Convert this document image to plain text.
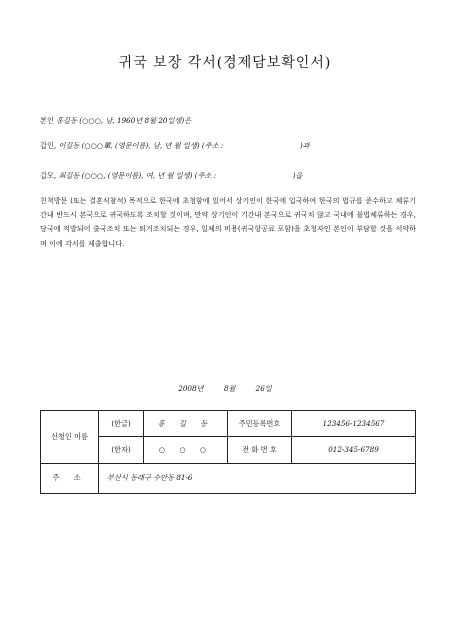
귀국 보장 각서(경제담보확인서)
본인 홍길동 (○○○, 남, 1960년 8월 20일생)은
갑인, 이길동 (○○○輩, (영문이름), 남, 년 월 일생) (주소 :	)과
갑모, 최길동 (○○○, (영문이름), 여, 년 월 일생) (주소 :	)을
친척방문 (또는 결혼식참석) 목적으로 한국에 초청함에 있어서 상기인이 한국에 입국하여 한국의 법규를 준수하고 체류기간내 반드시 본국으로 귀국하도록 조치할 것이며, 만약 상기인이 기간내 본국으로 귀국치 않고 국내에 불법체류하는 경우, 당국에 적발되어 출국조치 또는 퇴거조치되는 경우, 일체의 비용(귀국항공료 포함)을 초청자인 본인이 부담할 것을 서약하며 이에 각서를 제출합니다.
2008년	8월	26일
신청인 이름	(한글)	홍 길 동	주민등록번호	123456-1234567
	(한자)	○ ○ ○	전 화 번 호	012-345-6789
주 소	부산시 동래구 수안동 81-6			
